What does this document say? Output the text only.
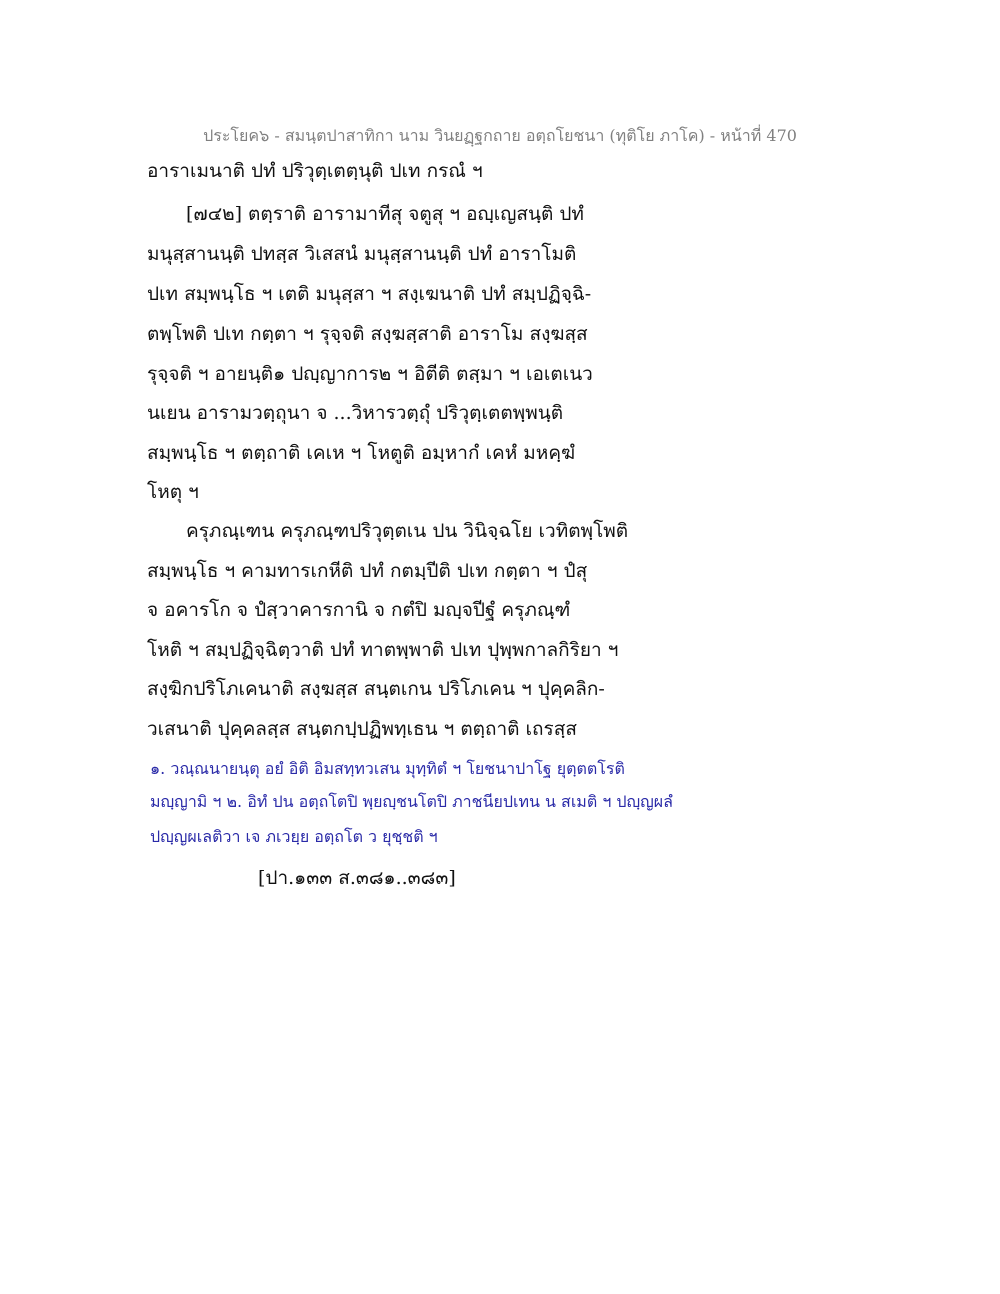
ประโยค๖ - สมนฺตปาสาทิกา นาม วินยฏฺฐกถาย อตฺถโยชนา (ทุติโย ภาโค) - หน้าที่ 470
อาราเมนาติ ปทํ ปริวุตฺเตตฺนุติ ปเท กรณํ ฯ
[๗๔๒] ตตฺราติ อารามาทีสุ จตูสุ ฯ อญฺเญสนฺติ ปทํ
มนุสฺสานนฺติ ปทสฺส วิเสสนํ มนุสฺสานนฺติ ปทํ อาราโมติ
ปเท สมฺพนฺโธ ฯ เตติ มนุสฺสา ฯ สงฺเฆนาติ ปทํ สมฺปฏิจฺฉิ-
ตพฺโพติ ปเท กตฺตา ฯ รุจฺจติ สงฺฆสฺสาติ อาราโม สงฺฆสฺส
รุจฺจติ ฯ อายนฺติ๑ ปญฺญาการ๒ ฯ อิตีติ ตสฺมา ฯ เอเตเนว
นเยน อารามวตฺถุนา จ ...วิหารวตฺถุํ ปริวุตฺเตตพฺพนฺติ
สมฺพนฺโธ ฯ ตตฺถาติ เคเห ฯ โหตูติ อมฺหากํ เคหํ มหคฺฆํ
โหตุ ฯ
ครุภณฺเฑน ครุภณฺฑปริวุตฺตเน ปน วินิจฺฉโย เวทิตพฺโพติ
สมฺพนฺโธ ฯ คามทารเกหีติ ปทํ กตมฺปีติ ปเท กตฺตา ฯ ปํสุ
จ อคารโก จ ปํสฺวาคารกานิ จ กตํปิ มญฺจปีฐํ ครุภณฺฑํ
โหติ ฯ สมฺปฏิจฺฉิตฺวาติ ปทํ ทาตพฺพาติ ปเท ปุพฺพกาลกิริยา ฯ
สงฺฆิกปริโภเคนาติ สงฺฆสฺส สนฺตเกน ปริโภเคน ฯ ปุคฺคลิก-
วเสนาติ ปุคฺคลสฺส สนฺตกปฺปฏิพทฺเธน ฯ ตตฺถาติ เถรสฺส
๑. วณฺณนายนฺตุ อยํ อิติ อิมสทฺทวเสน มุทฺทิตํ ฯ โยชนาปาโฐ ยุตฺตตโรติ
มญฺญามิ ฯ ๒. อิทํ ปน อตฺถโตปิ พฺยญฺชนโตปิ ภาชนียปเทน น สเมติ ฯ ปญฺญผลํ
ปญฺญผเลติวา เจ ภเวยฺย อตฺถโต ว ยุชฺชติ ฯ
[ปา.๑๓๓ ส.๓๘๑..๓๘๓]
